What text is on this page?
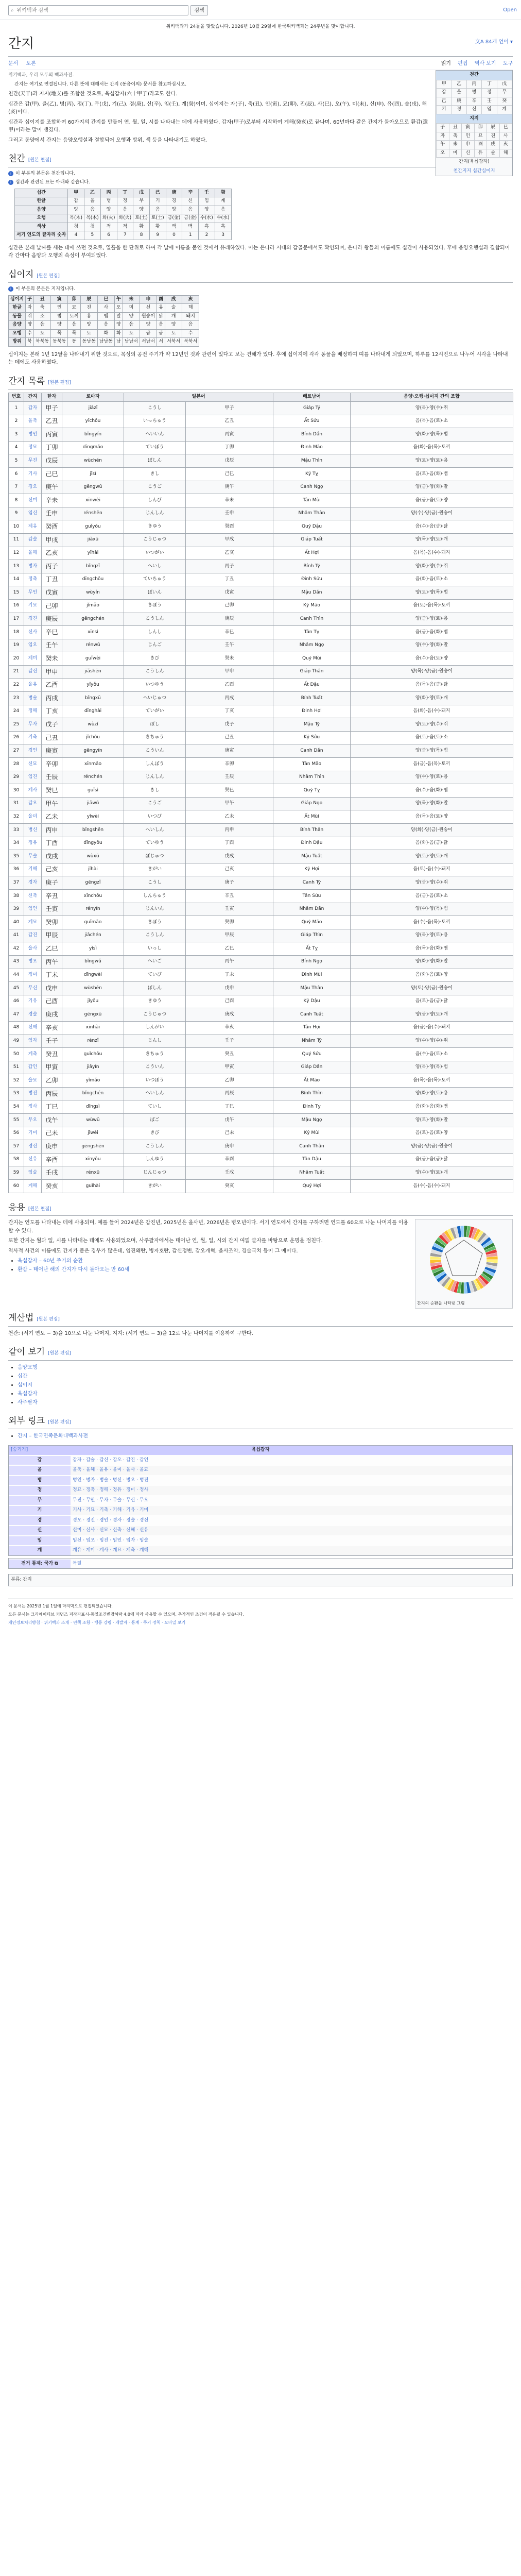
⌕
위키백과 검색	검색	Open
위키백과가 24돌을 맞았습니다. 2026년 10월 29일에 한국위키백과는 24주년을 맞이합니다.
간지	文A 84개 언어 ▾
문서 토론	읽기 편집 역사 보기 도구
천간
甲	乙	丙	丁	戊
갑	을	병	정	무
己	庚	辛	壬	癸
기	경	신	임	계
지지
子	丑	寅	卯	辰	巳
자	축	인	묘	진	사
午	未	申	酉	戌	亥
오	미	신	유	술	해
간지(육십갑자)
천간지지 십간십이지
위키백과, 우리 모두의 백과사전.
간지는 여기로 연결됩니다. 다른 뜻에 대해서는 간지 (동음이의) 문서를 참고하십시오.

천간(天干)과 지지(地支)를 조합한 것으로, 육십갑자(六十甲子)라고도 한다.

십간은 갑(甲), 을(乙), 병(丙), 정(丁), 무(戊), 기(己), 경(庚), 신(辛), 임(壬), 계(癸)이며, 십이지는 자(子), 축(丑), 인(寅), 묘(卯), 진(辰), 사(巳), 오(午), 미(未), 신(申), 유(酉), 술(戌), 해(亥)이다.

십간과 십이지를 조합하여 60가지의 간지를 만들어 연, 월, 일, 시를 나타내는 데에 사용하였다. 갑자(甲子)로부터 시작하여 계해(癸亥)로 끝나며, 60년마다 같은 간지가 돌아오므로 환갑(還甲)이라는 말이 생겼다.

그러고 동양에서 간지는 음양오행설과 결합되어 오행과 방위, 색 등을 나타내기도 하였다.

천간 [원본 편집]
i 이 부분의 본문은 천간입니다.
i 십간과 관련된 표는 아래와 같습니다.
십간	甲	乙	丙	丁	戊	己	庚	辛	壬	癸
한글	갑	을	병	정	무	기	경	신	임	계
음양	양	음	양	음	양	음	양	음	양	음
오행	목(木)	목(木)	화(火)	화(火)	토(土)	토(土)	금(金)	금(金)	수(水)	수(水)
색상	청	청	적	적	황	황	백	백	흑	흑
서기 연도의 끝자리 숫자	4	5	6	7	8	9	0	1	2	3

십간은 본래 날짜를 세는 데에 쓰던 것으로, 열흘을 한 단위로 하여 각 날에 이름을 붙인 것에서 유래하였다. 이는 은나라 시대의 갑골문에서도 확인되며, 은나라 왕들의 이름에도 십간이 사용되었다. 후에 음양오행설과 결합되어 각 간마다 음양과 오행의 속성이 부여되었다.

십이지 [원본 편집]
i 이 부분의 본문은 지지입니다.
십이지	子	丑	寅	卯	辰	巳	午	未	申	酉	戌	亥
한글	자	축	인	묘	진	사	오	미	신	유	술	해
동물	쥐	소	범	토끼	용	뱀	말	양	원숭이	닭	개	돼지
음양	양	음	양	음	양	음	양	음	양	음	양	음
오행	수	토	목	목	토	화	화	토	금	금	토	수
방위	북	북북동	동북동	동	동남동	남남동	남	남남서	서남서	서	서북서	북북서

십이지는 본래 1년 12달을 나타내기 위한 것으로, 목성의 공전 주기가 약 12년인 것과 관련이 있다고 보는 견해가 있다. 후에 십이지에 각각 동물을 배정하여 띠를 나타내게 되었으며, 하루를 12시진으로 나누어 시각을 나타내는 데에도 사용하였다.

간지 목록 [원본 편집]
번호	간지	한자	로마자	일본어		베트남어	음양·오행·십이지 간의 조합
1	갑자	甲子	jiǎzǐ	こうし	甲子	Giáp Tý	양(목)·양(수)·쥐
2	을축	乙丑	yǐchǒu	いっちゅう	乙丑	Ất Sửu	음(목)·음(토)·소
3	병인	丙寅	bǐngyín	へいいん	丙寅	Bính Dần	양(화)·양(목)·범
4	정묘	丁卯	dīngmǎo	ていぼう	丁卯	Đinh Mão	음(화)·음(목)·토끼
5	무진	戊辰	wùchén	ぼしん	戊辰	Mậu Thìn	양(토)·양(토)·용
6	기사	己巳	jǐsì	きし	己巳	Kỷ Tỵ	음(토)·음(화)·뱀
7	경오	庚午	gēngwǔ	こうご	庚午	Canh Ngọ	양(금)·양(화)·말
8	신미	辛未	xīnwèi	しんび	辛未	Tân Mùi	음(금)·음(토)·양
9	임신	壬申	rénshēn	じんしん	壬申	Nhâm Thân	양(수)·양(금)·원숭이
10	계유	癸酉	guǐyǒu	きゆう	癸酉	Quý Dậu	음(수)·음(금)·닭
11	갑술	甲戌	jiǎxū	こうじゅつ	甲戌	Giáp Tuất	양(목)·양(토)·개
12	을해	乙亥	yǐhài	いつがい	乙亥	Ất Hợi	음(목)·음(수)·돼지
13	병자	丙子	bǐngzǐ	へいし	丙子	Bính Tý	양(화)·양(수)·쥐
14	정축	丁丑	dīngchǒu	ていちゅう	丁丑	Đinh Sửu	음(화)·음(토)·소
15	무인	戊寅	wùyín	ぼいん	戊寅	Mậu Dần	양(토)·양(목)·범
16	기묘	己卯	jǐmǎo	きぼう	己卯	Kỷ Mão	음(토)·음(목)·토끼
17	경진	庚辰	gēngchén	こうしん	庚辰	Canh Thìn	양(금)·양(토)·용
18	신사	辛巳	xīnsì	しんし	辛巳	Tân Tỵ	음(금)·음(화)·뱀
19	임오	壬午	rénwǔ	じんご	壬午	Nhâm Ngọ	양(수)·양(화)·말
20	계미	癸未	guǐwèi	きび	癸未	Quý Mùi	음(수)·음(토)·양
21	갑신	甲申	jiǎshēn	こうしん	甲申	Giáp Thân	양(목)·양(금)·원숭이
22	을유	乙酉	yǐyǒu	いつゆう	乙酉	Ất Dậu	음(목)·음(금)·닭
23	병술	丙戌	bǐngxū	へいじゅつ	丙戌	Bính Tuất	양(화)·양(토)·개
24	정해	丁亥	dīnghài	ていがい	丁亥	Đinh Hợi	음(화)·음(수)·돼지
25	무자	戊子	wùzǐ	ぼし	戊子	Mậu Tý	양(토)·양(수)·쥐
26	기축	己丑	jǐchǒu	きちゅう	己丑	Kỷ Sửu	음(토)·음(토)·소
27	경인	庚寅	gēngyín	こういん	庚寅	Canh Dần	양(금)·양(목)·범
28	신묘	辛卯	xīnmǎo	しんぼう	辛卯	Tân Mão	음(금)·음(목)·토끼
29	임진	壬辰	rénchén	じんしん	壬辰	Nhâm Thìn	양(수)·양(토)·용
30	계사	癸巳	guǐsì	きし	癸巳	Quý Tỵ	음(수)·음(화)·뱀
31	갑오	甲午	jiǎwǔ	こうご	甲午	Giáp Ngọ	양(목)·양(화)·말
32	을미	乙未	yǐwèi	いつび	乙未	Ất Mùi	음(목)·음(토)·양
33	병신	丙申	bǐngshēn	へいしん	丙申	Bính Thân	양(화)·양(금)·원숭이
34	정유	丁酉	dīngyǒu	ていゆう	丁酉	Đinh Dậu	음(화)·음(금)·닭
35	무술	戊戌	wùxū	ぼじゅつ	戊戌	Mậu Tuất	양(토)·양(토)·개
36	기해	己亥	jǐhài	きがい	己亥	Kỷ Hợi	음(토)·음(수)·돼지
37	경자	庚子	gēngzǐ	こうし	庚子	Canh Tý	양(금)·양(수)·쥐
38	신축	辛丑	xīnchǒu	しんちゅう	辛丑	Tân Sửu	음(금)·음(토)·소
39	임인	壬寅	rényín	じんいん	壬寅	Nhâm Dần	양(수)·양(목)·범
40	계묘	癸卯	guǐmǎo	きぼう	癸卯	Quý Mão	음(수)·음(목)·토끼
41	갑진	甲辰	jiǎchén	こうしん	甲辰	Giáp Thìn	양(목)·양(토)·용
42	을사	乙巳	yǐsì	いっし	乙巳	Ất Tỵ	음(목)·음(화)·뱀
43	병오	丙午	bǐngwǔ	へいご	丙午	Bính Ngọ	양(화)·양(화)·말
44	정미	丁未	dīngwèi	ていび	丁未	Đinh Mùi	음(화)·음(토)·양
45	무신	戊申	wùshēn	ぼしん	戊申	Mậu Thân	양(토)·양(금)·원숭이
46	기유	己酉	jǐyǒu	きゆう	己酉	Kỷ Dậu	음(토)·음(금)·닭
47	경술	庚戌	gēngxū	こうじゅつ	庚戌	Canh Tuất	양(금)·양(토)·개
48	신해	辛亥	xīnhài	しんがい	辛亥	Tân Hợi	음(금)·음(수)·돼지
49	임자	壬子	rénzǐ	じんし	壬子	Nhâm Tý	양(수)·양(수)·쥐
50	계축	癸丑	guǐchǒu	きちゅう	癸丑	Quý Sửu	음(수)·음(토)·소
51	갑인	甲寅	jiǎyín	こういん	甲寅	Giáp Dần	양(목)·양(목)·범
52	을묘	乙卯	yǐmǎo	いつぼう	乙卯	Ất Mão	음(목)·음(목)·토끼
53	병진	丙辰	bǐngchén	へいしん	丙辰	Bính Thìn	양(화)·양(토)·용
54	정사	丁巳	dīngsì	ていし	丁巳	Đinh Tỵ	음(화)·음(화)·뱀
55	무오	戊午	wùwǔ	ぼご	戊午	Mậu Ngọ	양(토)·양(화)·말
56	기미	己未	jǐwèi	きび	己未	Kỷ Mùi	음(토)·음(토)·양
57	경신	庚申	gēngshēn	こうしん	庚申	Canh Thân	양(금)·양(금)·원숭이
58	신유	辛酉	xīnyǒu	しんゆう	辛酉	Tân Dậu	음(금)·음(금)·닭
59	임술	壬戌	rénxū	じんじゅつ	壬戌	Nhâm Tuất	양(수)·양(토)·개
60	계해	癸亥	guǐhài	きがい	癸亥	Quý Hợi	음(수)·음(수)·돼지
응용 [원본 편집]
간지의 순환을 나타낸 그림

간지는 연도를 나타내는 데에 사용되며, 예를 들어 2024년은 갑진년, 2025년은 을사년, 2026년은 병오년이다. 서기 연도에서 간지를 구하려면 연도를 60으로 나눈 나머지를 이용할 수 있다.

또한 간지는 월과 일, 시를 나타내는 데에도 사용되었으며, 사주팔자에서는 태어난 연, 월, 일, 시의 간지 여덟 글자를 바탕으로 운명을 점친다.

역사적 사건의 이름에도 간지가 붙은 경우가 많은데, 임진왜란, 병자호란, 갑신정변, 갑오개혁, 을사조약, 경술국치 등이 그 예이다.

• 육십갑자 – 60년 주기의 순환
• 환갑 – 태어난 해의 간지가 다시 돌아오는 만 60세
계산법 [원본 편집]

천간: (서기 연도 − 3)을 10으로 나눈 나머지, 지지: (서기 연도 − 3)을 12로 나눈 나머지를 이용하여 구한다.

같이 보기 [원본 편집]
• 음양오행
• 십간
• 십이지
• 육십갑자
• 사주팔자
외부 링크 [원본 편집]
• 간지 – 한국민족문화대백과사전
[숨기기]	육십갑자
갑	갑자 · 갑술 · 갑신 · 갑오 · 갑진 · 갑인
을	을축 · 을해 · 을유 · 을미 · 을사 · 을묘
병	병인 · 병자 · 병술 · 병신 · 병오 · 병진
정	정묘 · 정축 · 정해 · 정유 · 정미 · 정사
무	무진 · 무인 · 무자 · 무술 · 무신 · 무오
기	기사 · 기묘 · 기축 · 기해 · 기유 · 기미
경	경오 · 경진 · 경인 · 경자 · 경술 · 경신
신	신미 · 신사 · 신묘 · 신축 · 신해 · 신유
임	임신 · 임오 · 임진 · 임인 · 임자 · 임술
계	계유 · 계미 · 계사 · 계묘 · 계축 · 계해
전거 통제: 국가 ⧉	독일
분류: 간지
이 문서는 2025년 1월 1일에 마지막으로 편집되었습니다.
모든 문서는 크리에이티브 커먼즈 저작자표시-동일조건변경허락 4.0에 따라 사용할 수 있으며, 추가적인 조건이 적용될 수 있습니다.
개인정보처리방침 · 위키백과 소개 · 면책 조항 · 행동 강령 · 개발자 · 통계 · 쿠키 정책 · 모바일 보기
